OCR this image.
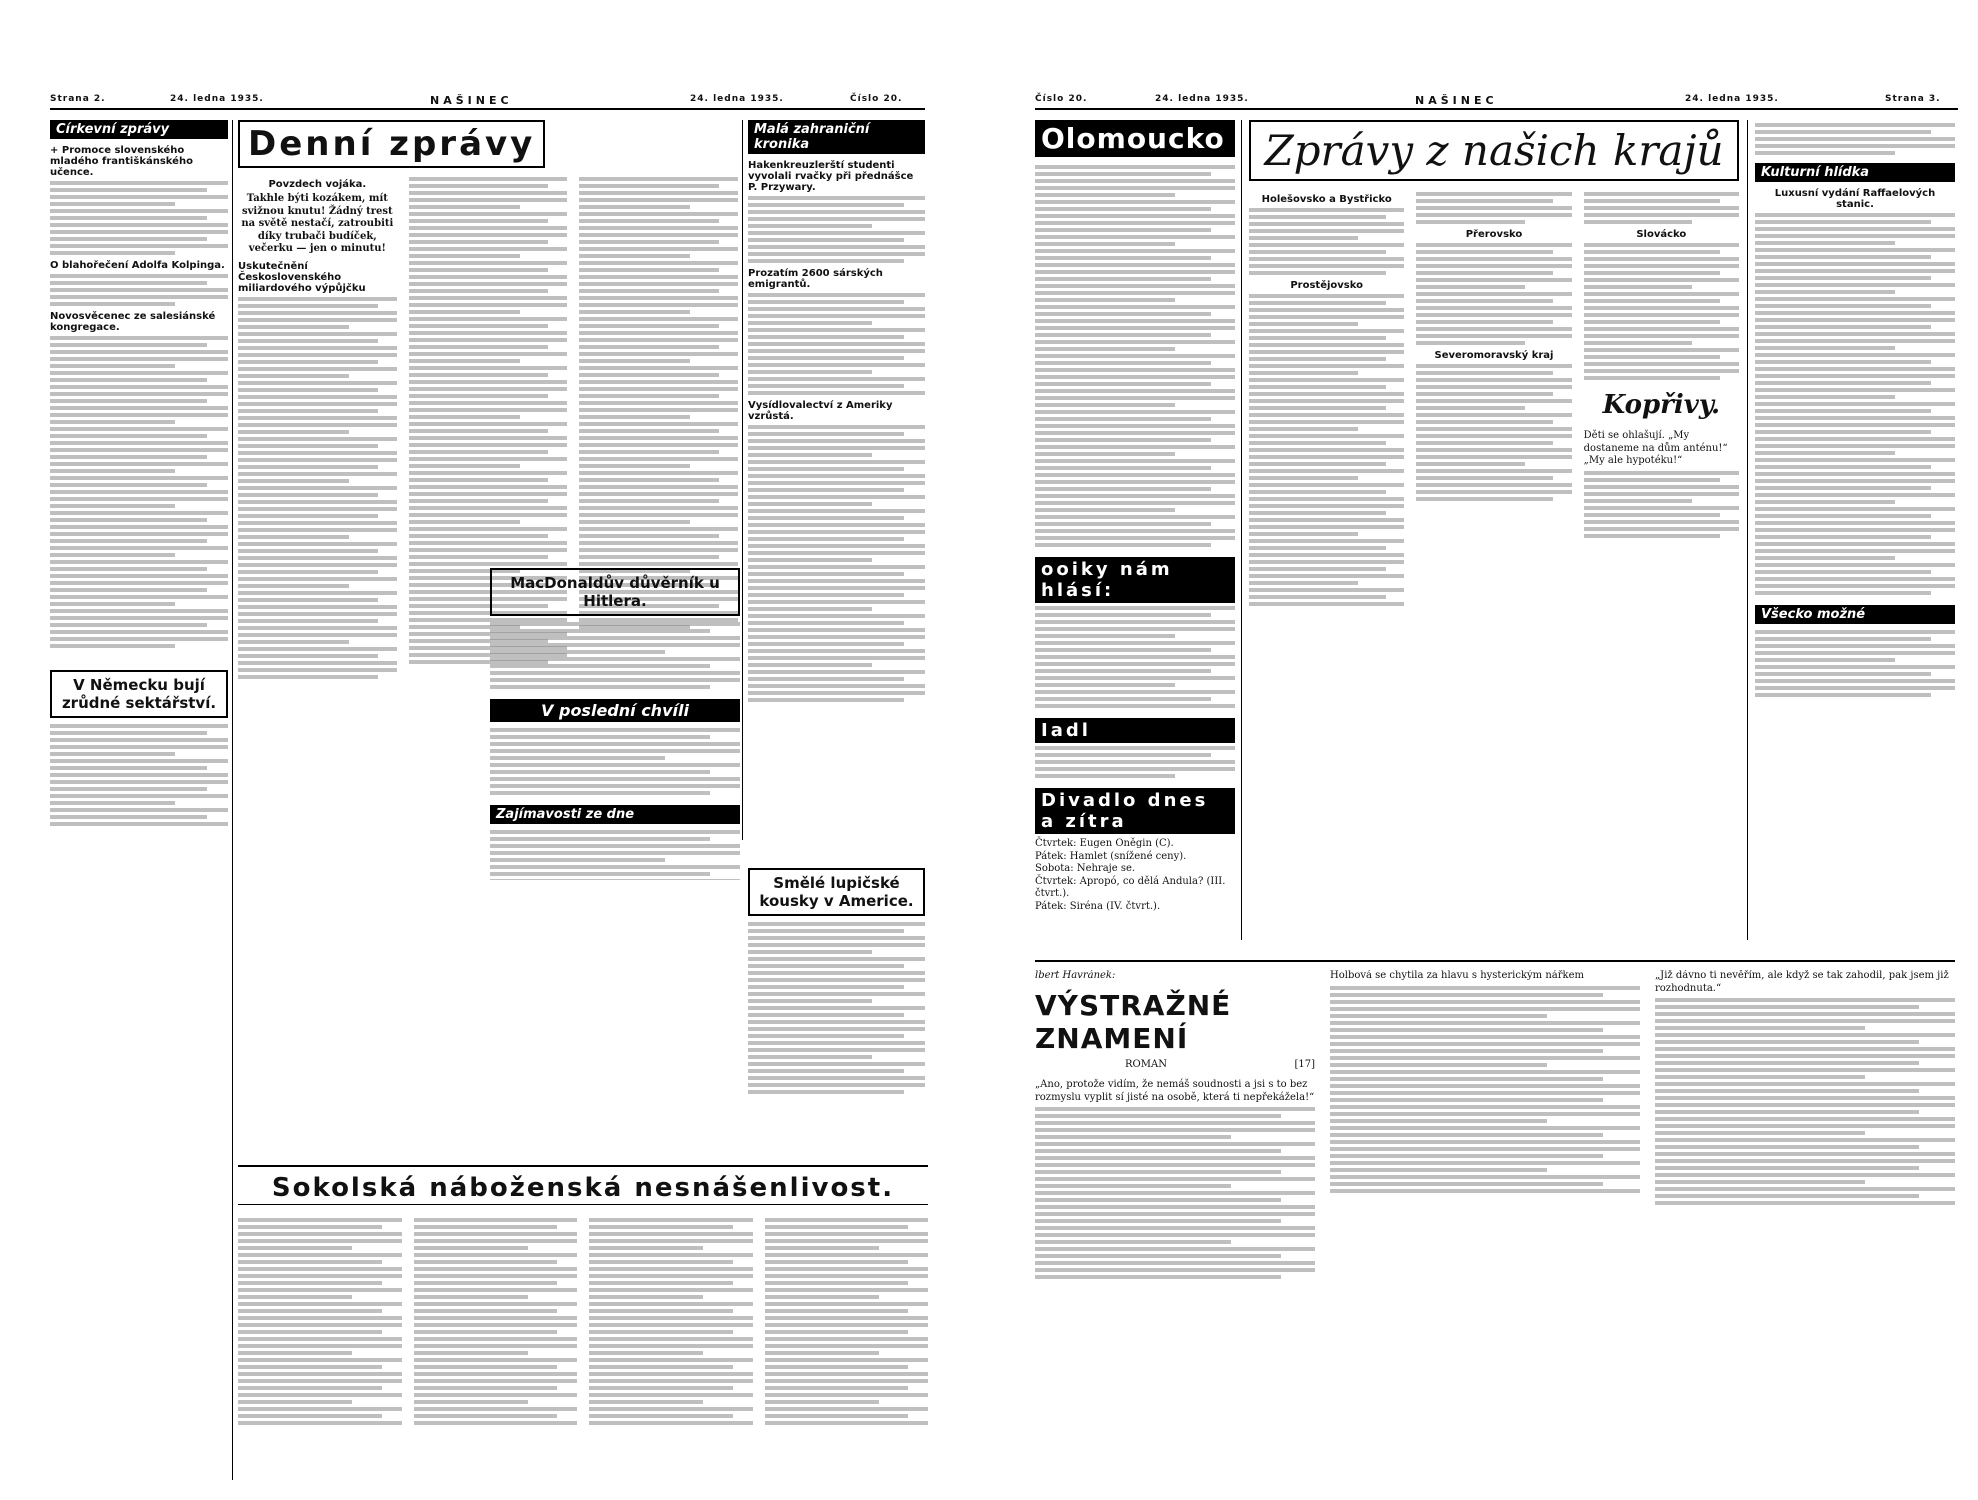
Strana 2.	24. ledna 1935.	NAŠINEC	24. ledna 1935.	Číslo 20.
Církevní zprávy
+ Promoce slovenského mladého františkánského učence.
O blahořečení Adolfa Kolpinga.
Novosvěcenec ze salesiánské kongregace.
V Německu bují zrůdné sektářství.
Denní zprávy
Povzdech vojáka.
Takhle býti kozákem, mít svižnou knutu! Žádný trest na světě nestačí, zatroubiti díky trubači budíček, večerku — jen o minutu!
Uskutečnění Československého miliardového výpůjčku
Malá zahraniční kronika
Hakenkreuzlerští studenti vyvolali rvačky při přednášce P. Przywary.
Prozatím 2600 sárských emigrantů.
Vysídlovalectví z Ameriky vzrůstá.
MacDonaldův důvěrník u Hitlera.
V poslední chvíli
Zajímavosti ze dne
Smělé lupičské kousky v Americe.
Sokolská náboženská nesnášenlivost.
Číslo 20.	24. ledna 1935.	NAŠINEC	24. ledna 1935.	Strana 3.
Olomoucko
ooiky nám hlásí:
Iadl
Divadlo dnes a zítra
Čtvrtek: Eugen Oněgin (C).
Pátek: Hamlet (snížené ceny).
Sobota: Nehraje se.
Čtvrtek: Apropó, co dělá Andula? (III. čtvrt.).
Pátek: Siréna (IV. čtvrt.).
Zprávy z našich krajů
Holešovsko a Bystřicko
Prostějovsko
Přerovsko
Severomoravský kraj
Slovácko
Kopřivy.
Děti se ohlašují. „My dostaneme na dům anténu!“ „My ale hypotéku!“
Kulturní hlídka
Luxusní vydání Raffaelových stanic.
Všecko možné
lbert Havránek:
VÝSTRAŽNÉ ZNAMENÍ
ROMAN	[17]
„Ano, protože vidím, že nemáš soudnosti a jsi s to bez rozmyslu vyplit sí jisté na osobě, která ti nepřekážela!“
Holbová se chytila za hlavu s hysterickým nářkem	„Již dávno ti nevěřím, ale když se tak zahodil, pak jsem již rozhodnuta.“
